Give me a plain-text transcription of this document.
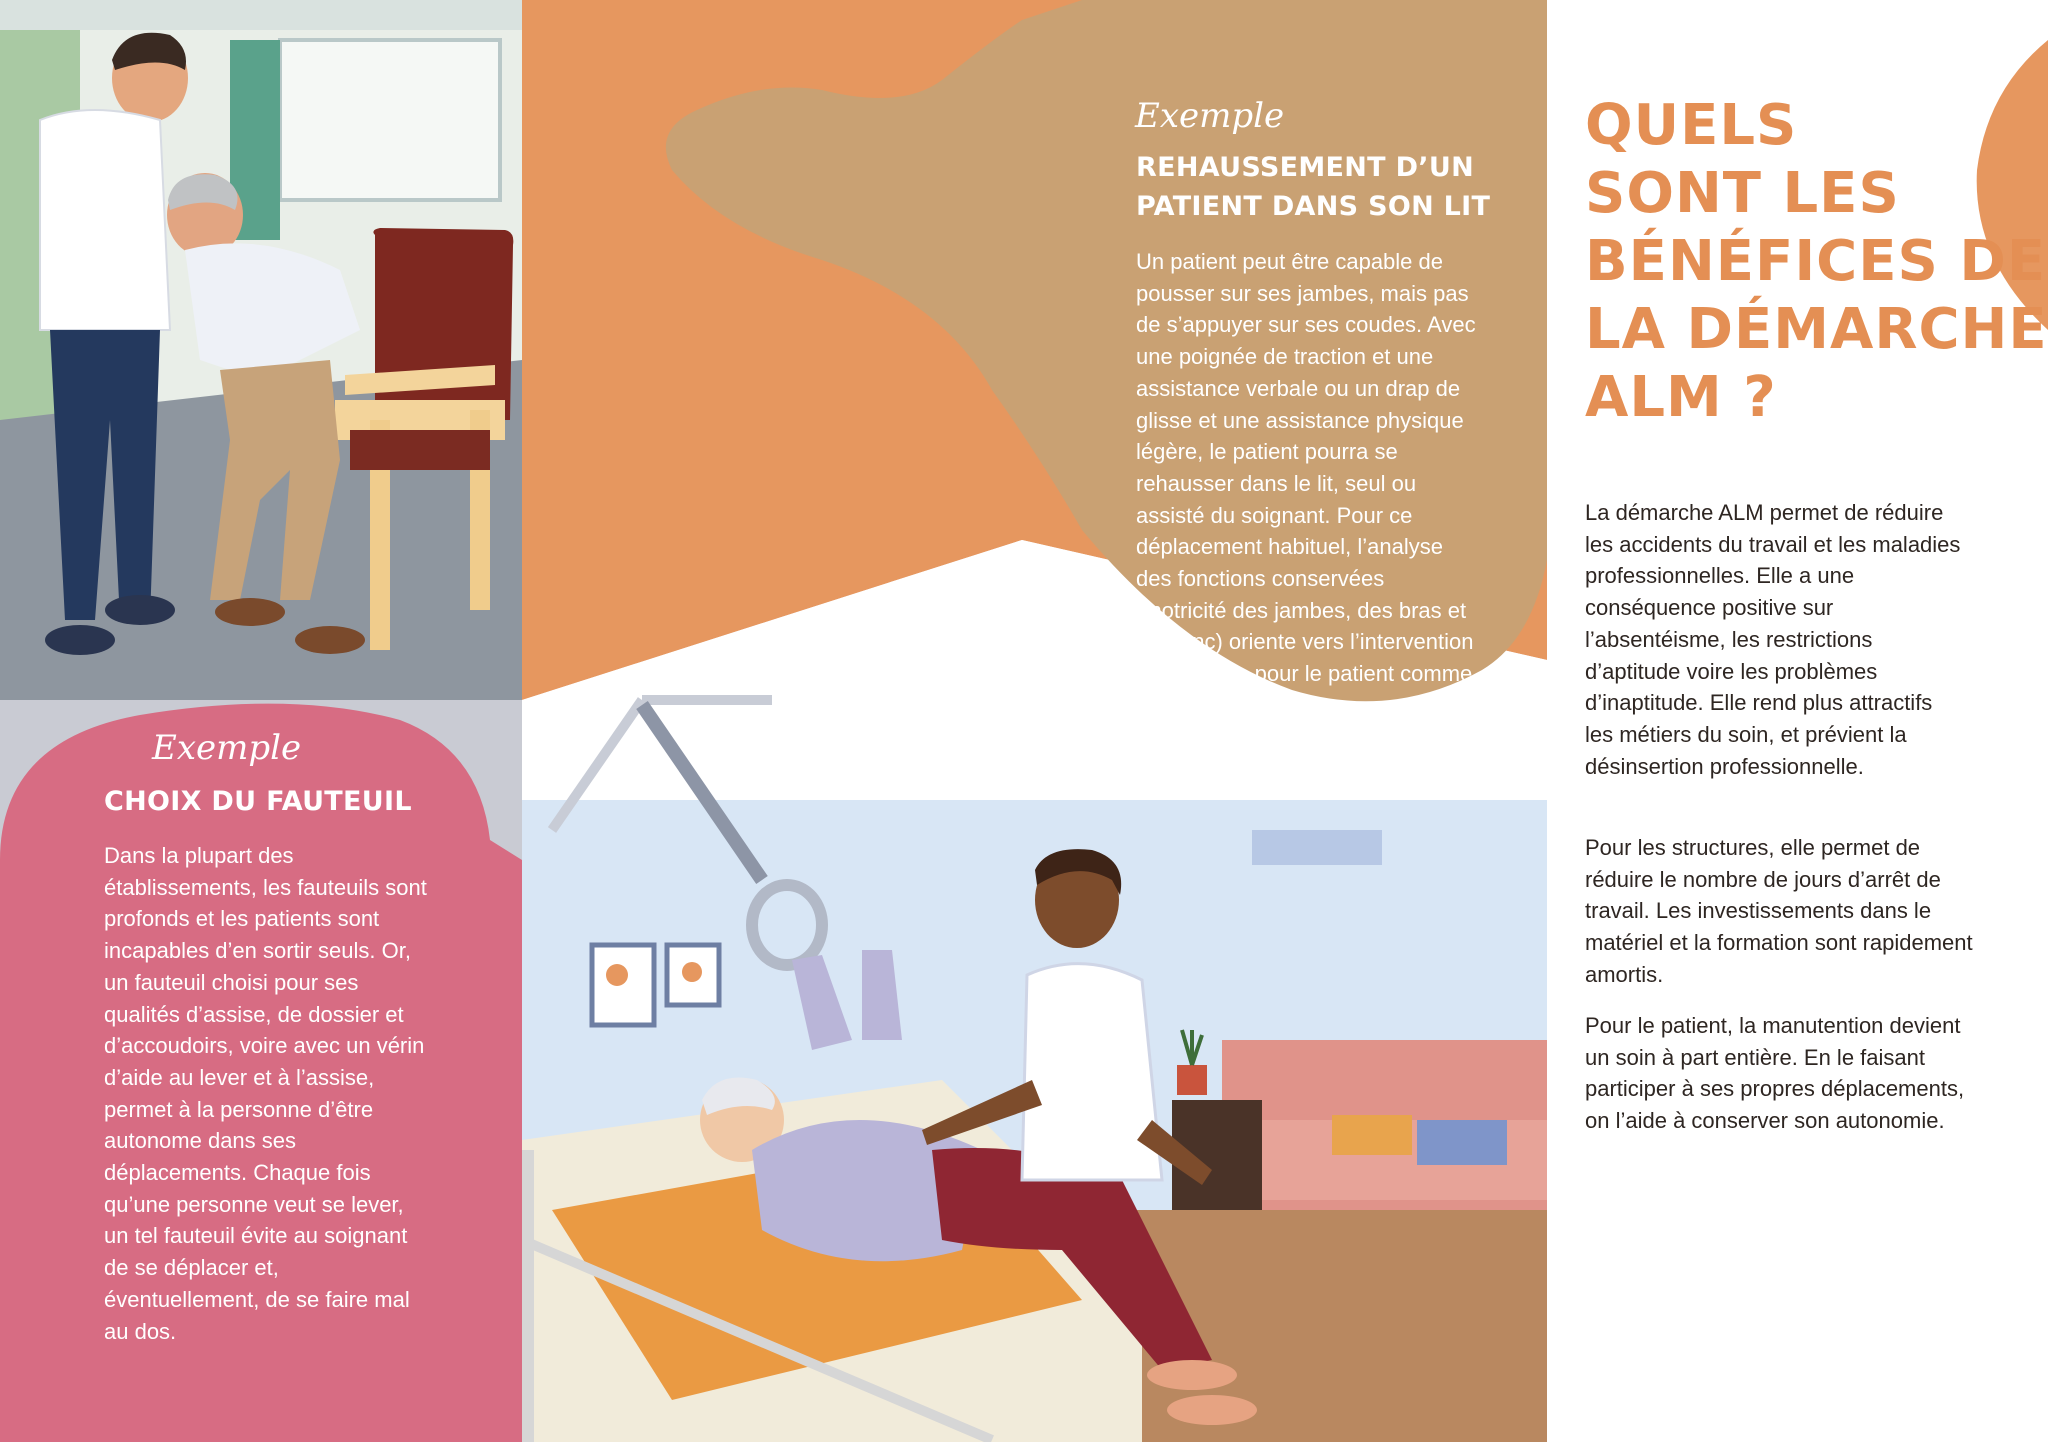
Exemple
CHOIX DU FAUTEUIL

Dans la plupart des établissements, les fauteuils sont profonds et les patients sont incapables d’en sortir seuls. Or, un fauteuil choisi pour ses qualités d’assise, de dossier et d’accoudoirs, voire avec un vérin d’aide au lever et à l’assise, permet à la personne d’être autonome dans ses déplacements. Chaque fois qu’une personne veut se lever, un tel fauteuil évite au soignant de se déplacer et, éventuellement, de se faire mal au dos.

Exemple
REHAUSSEMENT D’UN
PATIENT DANS SON LIT

Un patient peut être capable de pousser sur ses jambes, mais pas de s’appuyer sur ses coudes. Avec une poignée de traction et une assistance verbale ou un drap de glisse et une assistance physique légère, le patient pourra se rehausser dans le lit, seul ou assisté du soignant. Pour ce déplacement habituel, l’analyse des fonctions conservées (motricité des jambes, des bras et du tronc) oriente vers l’intervention la plus sûre pour le patient comme pour le soignant.

QUELS
SONT LES
BÉNÉFICES DE
LA DÉMARCHE
ALM ?

La démarche ALM permet de réduire les accidents du travail et les maladies professionnelles. Elle a une conséquence positive sur l’absentéisme, les restrictions d’aptitude voire les problèmes d’inaptitude. Elle rend plus attractifs les métiers du soin, et prévient la désinsertion professionnelle.

Pour les structures, elle permet de réduire le nombre de jours d’arrêt de travail. Les investissements dans le matériel et la formation sont rapidement amortis.

Pour le patient, la manutention devient un soin à part entière. En le faisant participer à ses propres déplacements, on l’aide à conserver son autonomie.
